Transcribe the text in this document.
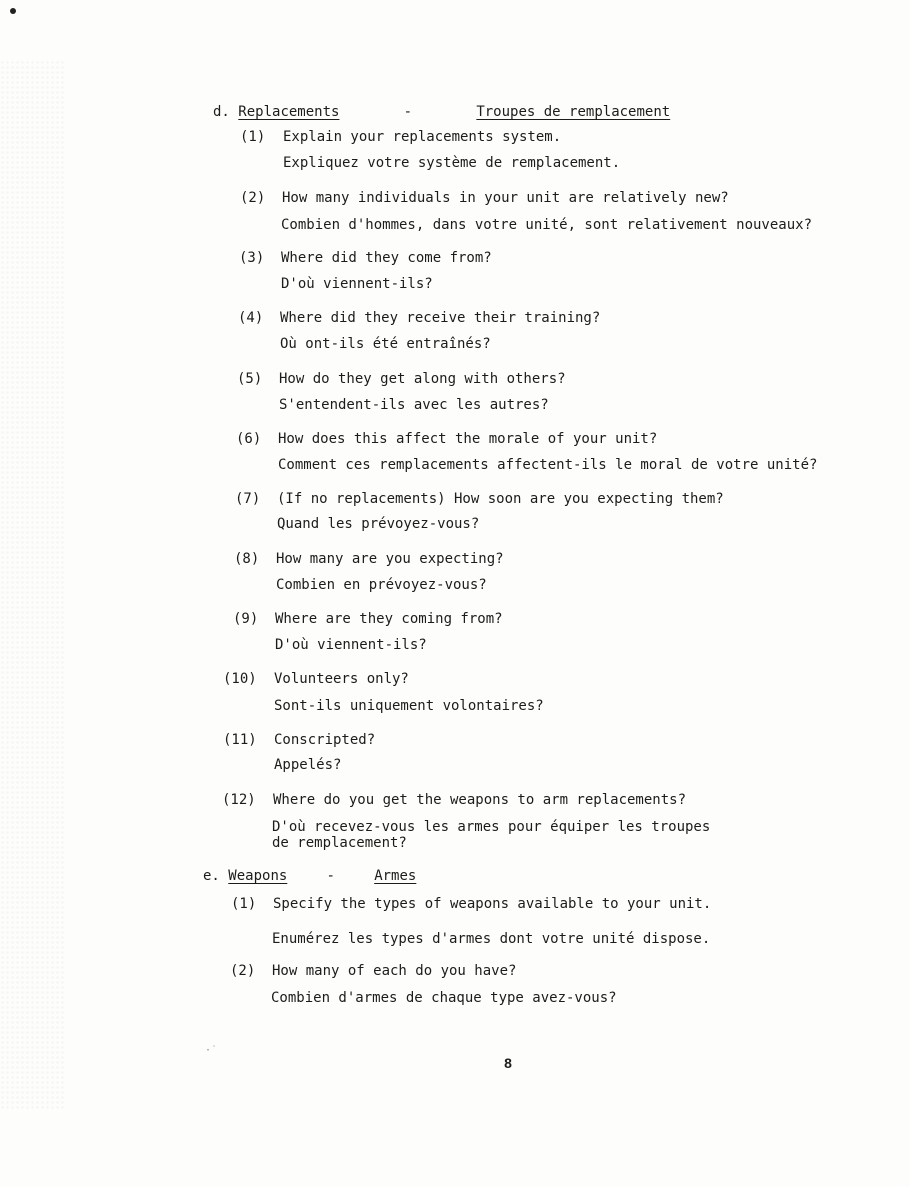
d. Replacements	-	Troupes de remplacement
(1) Explain your replacements system.
Expliquez votre système de remplacement.
(2) How many individuals in your unit are relatively new?
Combien d'hommes, dans votre unité, sont relativement nouveaux?
(3) Where did they come from?
D'où viennent-ils?
(4) Where did they receive their training?
Où ont-ils été entraînés?
(5) How do they get along with others?
S'entendent-ils avec les autres?
(6) How does this affect the morale of your unit?
Comment ces remplacements affectent-ils le moral de votre unité?
(7) (If no replacements) How soon are you expecting them?
Quand les prévoyez-vous?
(8) How many are you expecting?
Combien en prévoyez-vous?
(9) Where are they coming from?
D'où viennent-ils?
(10) Volunteers only?
Sont-ils uniquement volontaires?
(11) Conscripted?
Appelés?
(12) Where do you get the weapons to arm replacements?
D'où recevez-vous les armes pour équiper les troupes
de remplacement?
e. Weapons	-	Armes
(1) Specify the types of weapons available to your unit.
Enumérez les types d'armes dont votre unité dispose.
(2) How many of each do you have?
Combien d'armes de chaque type avez-vous?
8
·˙
